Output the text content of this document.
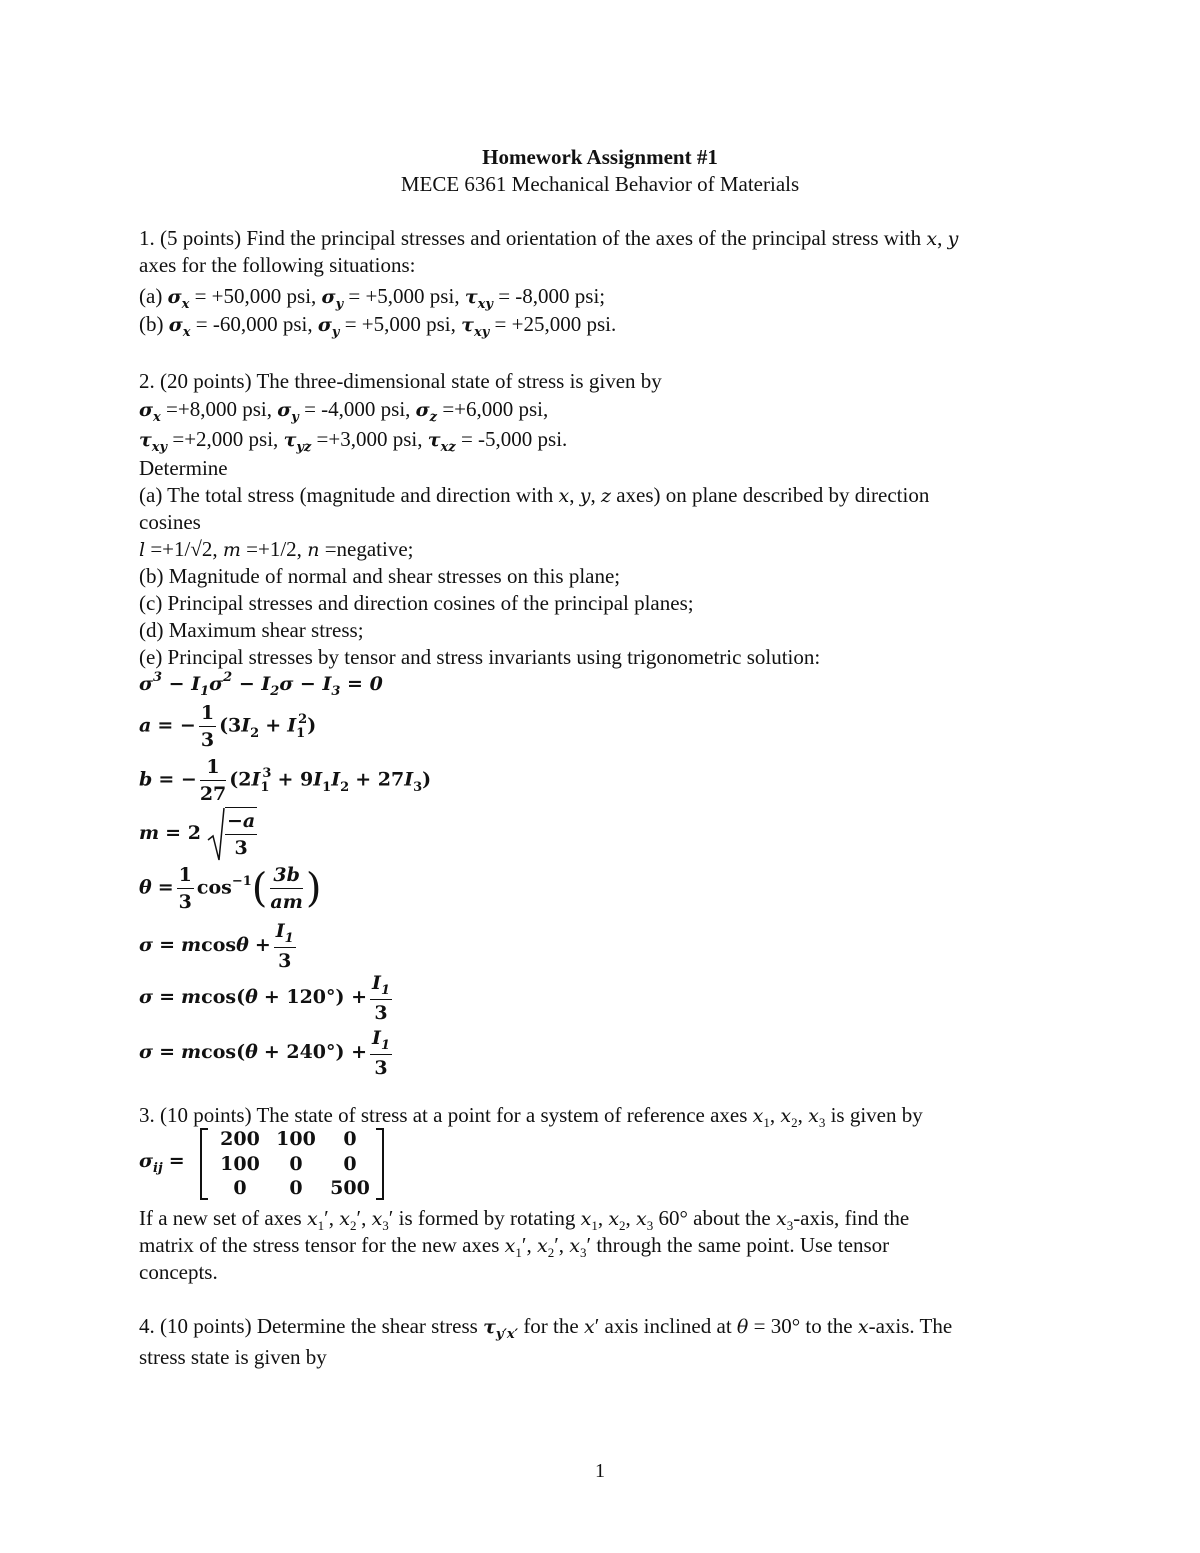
Homework Assignment #1
MECE 6361 Mechanical Behavior of Materials
1. (5 points) Find the principal stresses and orientation of the axes of the principal stress with x, y
axes for the following situations:
(a) $\sigma_x = +50,000$ psi, $\sigma_y = +5,000$ psi, $\tau_{xy} = -8,000$ psi;
(b) $\sigma_x = -60,000$ psi, $\sigma_y = +5,000$ psi, $\tau_{xy} = +25,000$ psi.
2. (20 points) The three-dimensional state of stress is given by
$\sigma_x =+8,000$ psi, $\sigma_y = -4,000$ psi, $\sigma_z =+6,000$ psi,
$\tau_{xy} =+2,000$ psi, $\tau_{yz} =+3,000$ psi, $\tau_{xz} = -5,000$ psi.
Determine
(a) The total stress (magnitude and direction with x, y, z axes) on plane described by direction
cosines
l =+1/√2, m =+1/2, n =negative;
(b) Magnitude of normal and shear stresses on this plane;
(c) Principal stresses and direction cosines of the principal planes;
(d) Maximum shear stress;
(e) Principal stresses by tensor and stress invariants using trigonometric solution:
$\sigma^3 - I_1\sigma^2 - I_2\sigma - I_3 = 0$
a = − $\frac{1}{3} (3I_2 + I_1^2)$
b = − $\frac{1}{27} (2I_1^3 + 9I_1I_2 + 27I_3)$
$m = 2 \frac{-a}{3}$
$\theta = \frac{1}{3} \cos^{-1}( \frac{3b}{am}$ )
$\sigma = mcos\theta + \frac{I_1}{3}$
$\sigma = mcos(\theta + 120^\circ) + \frac{I_1}{3}$
$\sigma = mcos(\theta + 240^\circ) + \frac{I_1}{3}$
3. (10 points) The state of stress at a point for a system of reference axes $x_1$, $x_2$, $x_3$ is given by
$\sigma_{ij}$ =
200 100	0
100	0	0
0	0	500
If a new set of axes $x_1'$, $x_2'$, $x_3'$ is formed by rotating $x_1$, $x_2$, $x_3$ 60° about the $x_3$-axis, find the
matrix of the stress tensor for the new axes $x_1'$, $x_2'$, $x_3'$ through the same point. Use tensor
concepts.
4. (10 points) Determine the shear stress $\tau_{y'x'}$ for the x′ axis inclined at θ = 30° to the x-axis. The
stress state is given by
1
